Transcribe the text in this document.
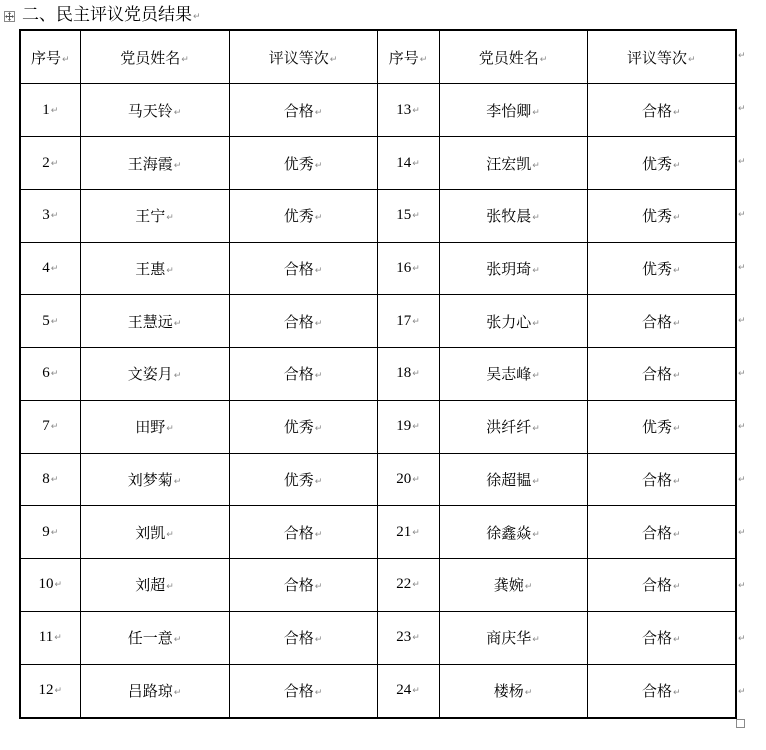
二、民主评议党员结果↵
序号↵	党员姓名↵	评议等次↵	序号↵	党员姓名↵	评议等次↵
1↵	马天铃↵	合格↵	13↵	李怡卿↵	合格↵
2↵	王海霞↵	优秀↵	14↵	汪宏凯↵	优秀↵
3↵	王宁↵	优秀↵	15↵	张牧晨↵	优秀↵
4↵	王惠↵	合格↵	16↵	张玥琦↵	优秀↵
5↵	王慧远↵	合格↵	17↵	张力心↵	合格↵
6↵	文姿月↵	合格↵	18↵	吴志峰↵	合格↵
7↵	田野↵	优秀↵	19↵	洪纤纤↵	优秀↵
8↵	刘梦菊↵	优秀↵	20↵	徐超韫↵	合格↵
9↵	刘凯↵	合格↵	21↵	徐鑫焱↵	合格↵
10↵	刘超↵	合格↵	22↵	龚婉↵	合格↵
11↵	任一意↵	合格↵	23↵	商庆华↵	合格↵
12↵	吕路琼↵	合格↵	24↵	楼杨↵	合格↵
↵
↵
↵
↵
↵
↵
↵
↵
↵
↵
↵
↵
↵
